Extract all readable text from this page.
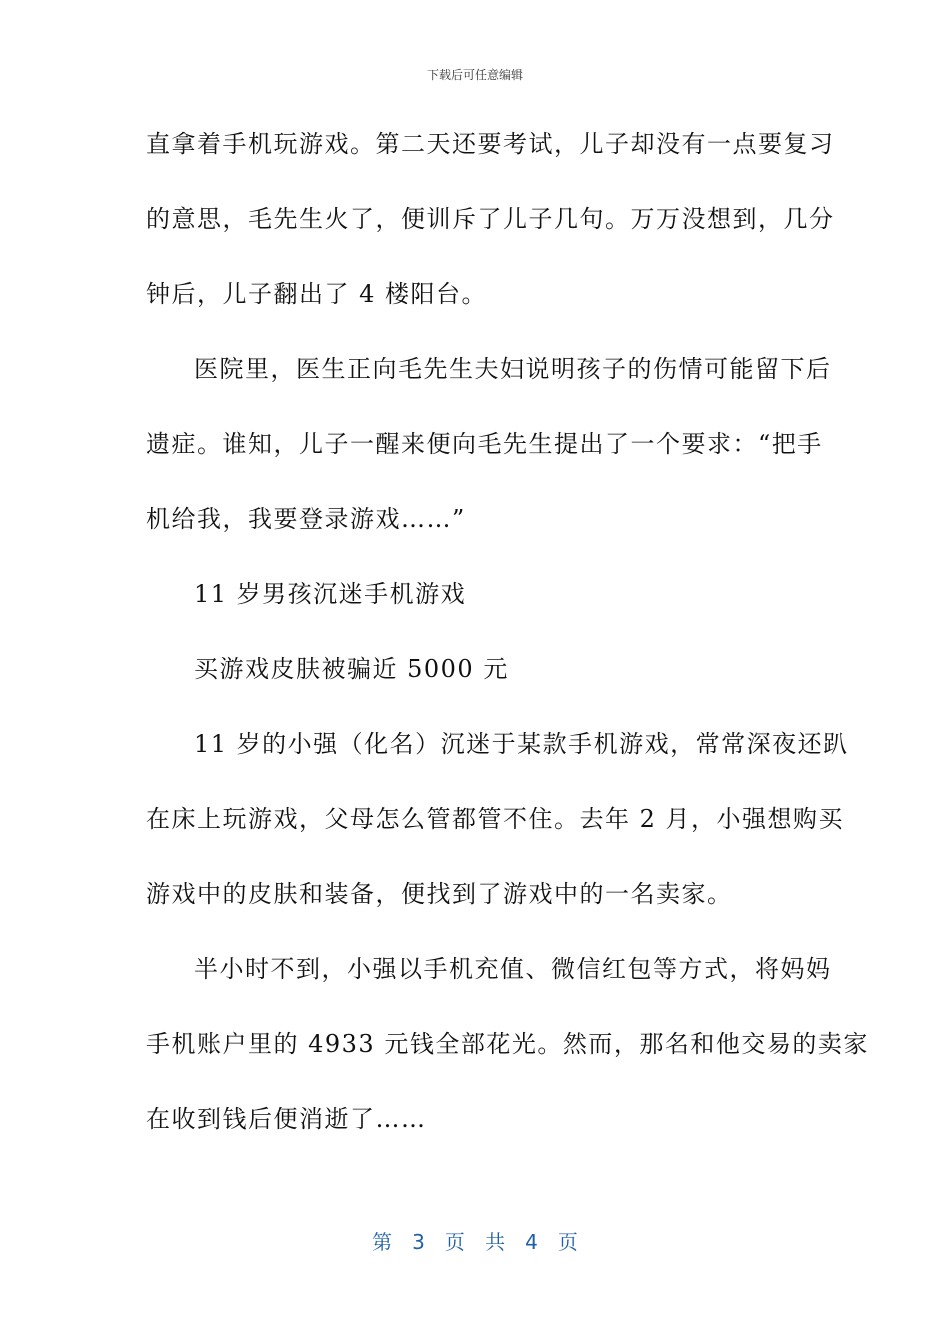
下载后可任意编辑
直拿着手机玩游戏。第二天还要考试，儿子却没有一点要复习
的意思，毛先生火了，便训斥了儿子几句。万万没想到，几分
钟后，儿子翻出了 4 楼阳台。
医院里，医生正向毛先生夫妇说明孩子的伤情可能留下后
遗症。谁知，儿子一醒来便向毛先生提出了一个要求：“把手
机给我，我要登录游戏……”
11 岁男孩沉迷手机游戏
买游戏皮肤被骗近 5000 元
11 岁的小强（化名）沉迷于某款手机游戏，常常深夜还趴
在床上玩游戏，父母怎么管都管不住。去年 2 月，小强想购买
游戏中的皮肤和装备，便找到了游戏中的一名卖家。
半小时不到，小强以手机充值、微信红包等方式，将妈妈
手机账户里的 4933 元钱全部花光。然而，那名和他交易的卖家
在收到钱后便消逝了……
第 3 页 共 4 页
